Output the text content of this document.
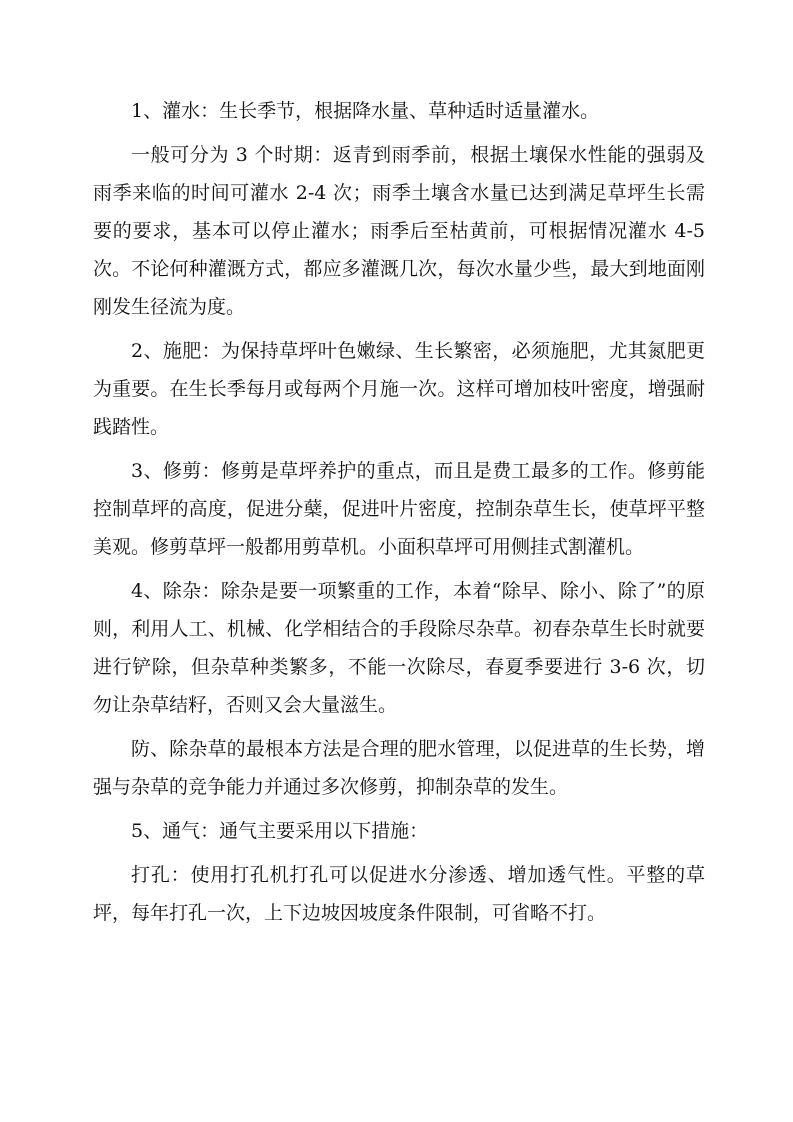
1、灌水：生长季节，根据降水量、草种适时适量灌水。

一般可分为 3 个时期：返青到雨季前，根据土壤保水性能的强弱及雨季来临的时间可灌水 2-4 次；雨季土壤含水量已达到满足草坪生长需要的要求，基本可以停止灌水；雨季后至枯黄前，可根据情况灌水 4-5 次。不论何种灌溉方式，都应多灌溉几次，每次水量少些，最大到地面刚刚发生径流为度。

2、施肥：为保持草坪叶色嫩绿、生长繁密，必须施肥，尤其氮肥更为重要。在生长季每月或每两个月施一次。这样可增加枝叶密度，增强耐践踏性。

3、修剪：修剪是草坪养护的重点，而且是费工最多的工作。修剪能控制草坪的高度，促进分蘖，促进叶片密度，控制杂草生长，使草坪平整美观。修剪草坪一般都用剪草机。小面积草坪可用侧挂式割灌机。

4、除杂：除杂是要一项繁重的工作，本着“除早、除小、除了”的原则，利用人工、机械、化学相结合的手段除尽杂草。初春杂草生长时就要进行铲除，但杂草种类繁多，不能一次除尽，春夏季要进行 3-6 次，切勿让杂草结籽，否则又会大量滋生。

防、除杂草的最根本方法是合理的肥水管理，以促进草的生长势，增强与杂草的竞争能力并通过多次修剪，抑制杂草的发生。

5、通气：通气主要采用以下措施：

打孔：使用打孔机打孔可以促进水分渗透、增加透气性。平整的草坪，每年打孔一次，上下边坡因坡度条件限制，可省略不打。
